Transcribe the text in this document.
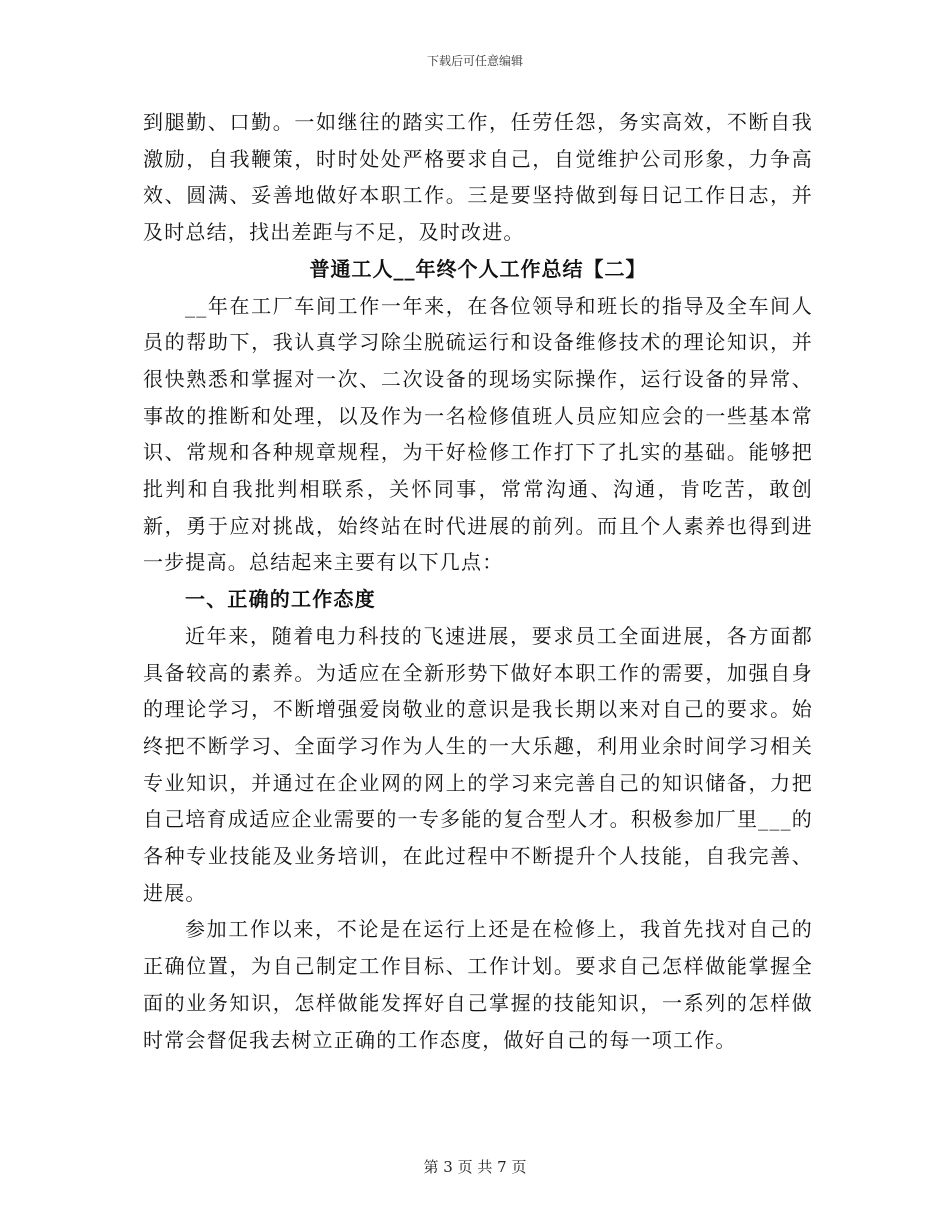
下载后可任意编辑

到腿勤、口勤。一如继往的踏实工作，任劳任怨，务实高效，不断自我激励，自我鞭策，时时处处严格要求自己，自觉维护公司形象，力争高效、圆满、妥善地做好本职工作。三是要坚持做到每日记工作日志，并及时总结，找出差距与不足，及时改进。

普通工人__年终个人工作总结【二】

__年在工厂车间工作一年来，在各位领导和班长的指导及全车间人员的帮助下，我认真学习除尘脱硫运行和设备维修技术的理论知识，并很快熟悉和掌握对一次、二次设备的现场实际操作，运行设备的异常、事故的推断和处理，以及作为一名检修值班人员应知应会的一些基本常识、常规和各种规章规程，为干好检修工作打下了扎实的基础。能够把批判和自我批判相联系，关怀同事，常常沟通、沟通，肯吃苦，敢创新，勇于应对挑战，始终站在时代进展的前列。而且个人素养也得到进一步提高。总结起来主要有以下几点：

一、正确的工作态度

近年来，随着电力科技的飞速进展，要求员工全面进展，各方面都具备较高的素养。为适应在全新形势下做好本职工作的需要，加强自身的理论学习，不断增强爱岗敬业的意识是我长期以来对自己的要求。始终把不断学习、全面学习作为人生的一大乐趣，利用业余时间学习相关专业知识，并通过在企业网的网上的学习来完善自己的知识储备，力把自己培育成适应企业需要的一专多能的复合型人才。积极参加厂里___的各种专业技能及业务培训，在此过程中不断提升个人技能，自我完善、进展。

参加工作以来，不论是在运行上还是在检修上，我首先找对自己的正确位置，为自己制定工作目标、工作计划。要求自己怎样做能掌握全面的业务知识，怎样做能发挥好自己掌握的技能知识，一系列的怎样做时常会督促我去树立正确的工作态度，做好自己的每一项工作。

第 3 页 共 7 页
